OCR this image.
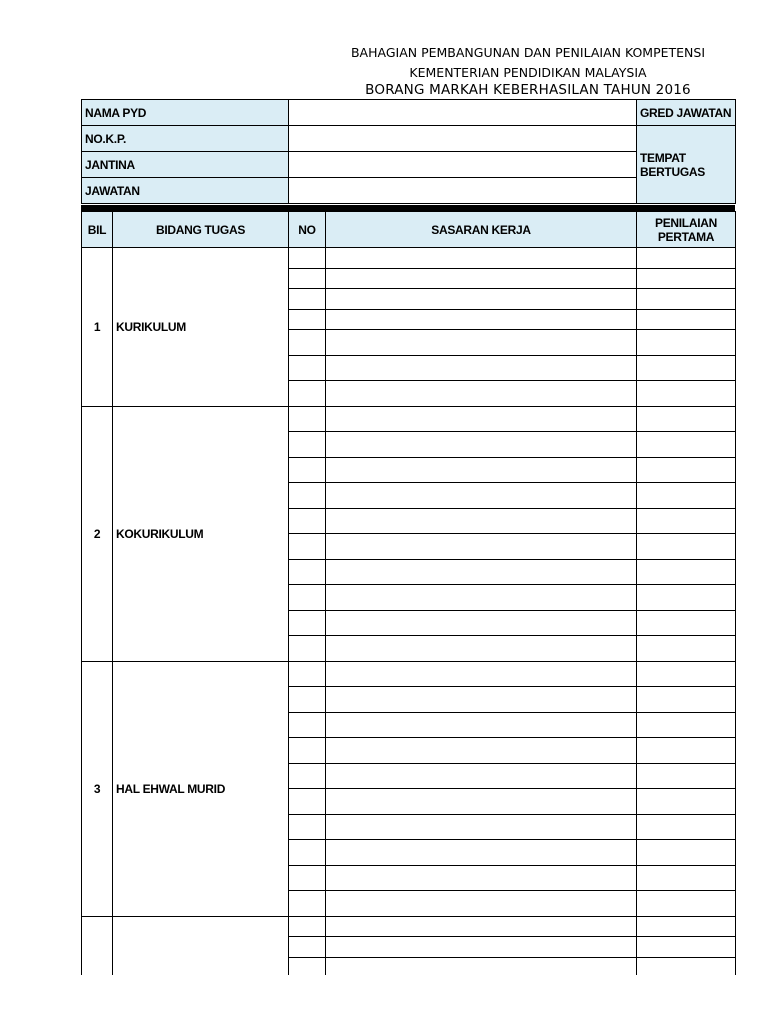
BAHAGIAN PEMBANGUNAN DAN PENILAIAN KOMPETENSI
KEMENTERIAN PENDIDIKAN MALAYSIA
BORANG MARKAH KEBERHASILAN TAHUN 2016
NAMA PYD		GRED JAWATAN
NO.K.P.		TEMPAT BERTUGAS
JANTINA		
JAWATAN		
BIL	BIDANG TUGAS	NO	SASARAN KERJA	PENILAIAN PERTAMA
1	KURIKULUM			

2	KOKURIKULUM			

3	HAL EHWAL MURID			
